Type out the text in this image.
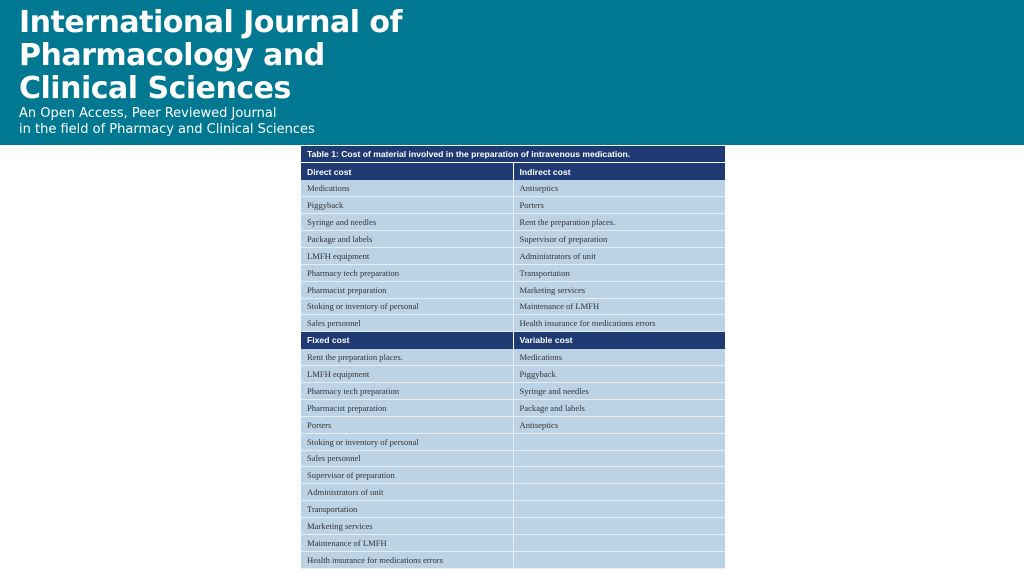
International Journal of
Pharmacology and
Clinical Sciences
An Open Access, Peer Reviewed Journal
in the field of Pharmacy and Clinical Sciences
Table 1: Cost of material involved in the preparation of intravenous medication.	
Direct cost	Indirect cost
Medications	Antiseptics
Piggyback	Porters
Syringe and needles	Rent the preparation places.
Package and labels	Supervisor of preparation
LMFH equipment	Administrators of unit
Pharmacy tech preparation	Transportation
Pharmacist preparation	Marketing services
Stoking or inventory of personal	Maintenance of LMFH
Sales personnel	Health insurance for medications errors
Fixed cost	Variable cost
Rent the preparation places.	Medications
LMFH equipment	Piggyback
Pharmacy tech preparation	Syringe and needles
Pharmacist preparation	Package and labels
Porters	Antiseptics
Stoking or inventory of personal	
Sales personnel	
Supervisor of preparation	
Administrators of unit	
Transportation	
Marketing services	
Maintenance of LMFH	
Health insurance for medications errors	
